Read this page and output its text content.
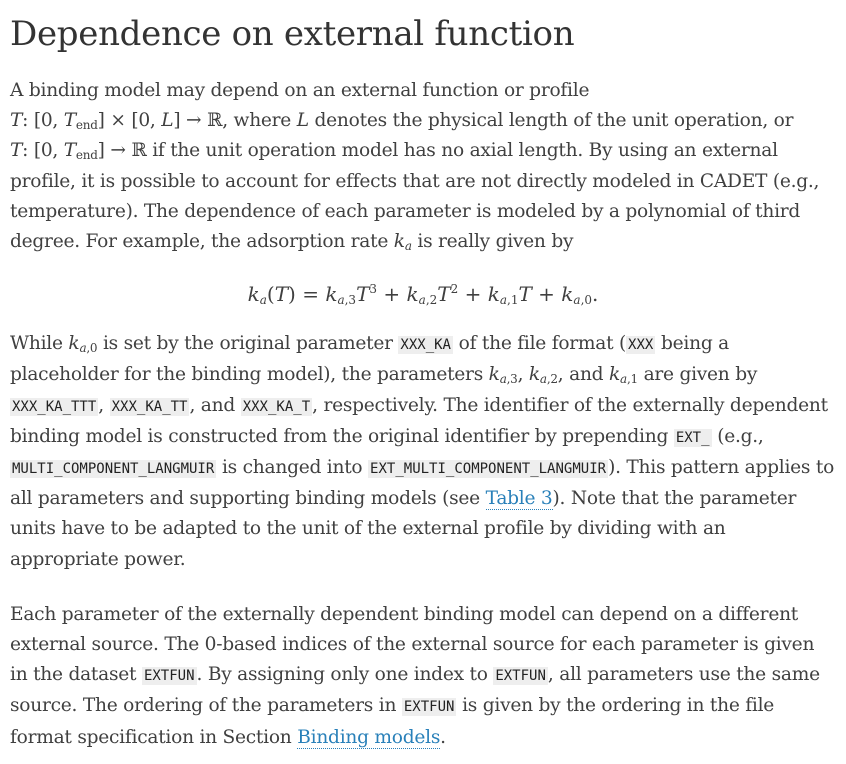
Dependence on external function

A binding model may depend on an external function or profile
T: [0, $T_{end}] \times [0$, L] → ℝ, where L denotes the physical length of the unit operation, or
T: [0, $T_{end}$] → ℝ if the unit operation model has no axial length. By using an external profile, it is possible to account for effects that are not directly modeled in CADET (e.g., temperature). The dependence of each parameter is modeled by a polynomial of third degree. For example, the adsorption rate $k_a$ is really given by

$k_a(T) = k_{a,3}T^3 + k_{a,2}T^2 + k_{a,1}T + k_{a,0}$.

While $k_{a,0}$ is set by the original parameter XXX_KA of the file format ( XXX being a placeholder for the binding model), the parameters $k_{a,3}$, $k_{a,2}$, and $k_{a,1}$ are given by XXX_KA_TTT , XXX_KA_TT , and XXX_KA_T , respectively. The identifier of the externally dependent binding model is constructed from the original identifier by prepending EXT_ (e.g., MULTI_COMPONENT_LANGMUIR is changed into EXT_MULTI_COMPONENT_LANGMUIR ). This pattern applies to all parameters and supporting binding models (see Table 3). Note that the parameter units have to be adapted to the unit of the external profile by dividing with an appropriate power.

Each parameter of the externally dependent binding model can depend on a different external source. The 0-based indices of the external source for each parameter is given in the dataset EXTFUN . By assigning only one index to EXTFUN , all parameters use the same source. The ordering of the parameters in EXTFUN is given by the ordering in the file format specification in Section Binding models.
